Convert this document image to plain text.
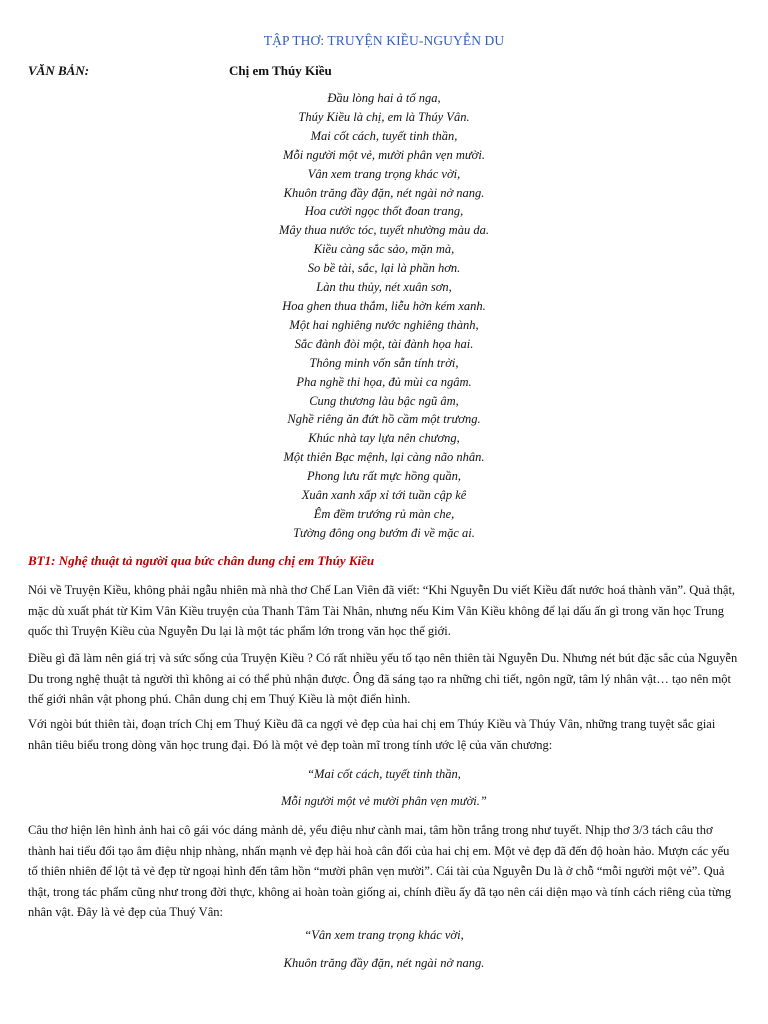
TẬP THƠ: TRUYỆN KIỀU-NGUYỄN DU
VĂN BẢN:	Chị em Thúy Kiều
Đầu lòng hai ả tố nga,
Thúy Kiều là chị, em là Thúy Vân.
Mai cốt cách, tuyết tinh thần,
Mỗi người một vẻ, mười phân vẹn mười.
Vân xem trang trọng khác vời,
Khuôn trăng đầy đặn, nét ngài nở nang.
Hoa cười ngọc thốt đoan trang,
Mây thua nước tóc, tuyết nhường màu da.
Kiều càng sắc sảo, mặn mà,
So bề tài, sắc, lại là phần hơn.
Làn thu thủy, nét xuân sơn,
Hoa ghen thua thắm, liễu hờn kém xanh.
Một hai nghiêng nước nghiêng thành,
Sắc đành đòi một, tài đành họa hai.
Thông minh vốn sẵn tính trời,
Pha nghề thi họa, đủ mùi ca ngâm.
Cung thương làu bậc ngũ âm,
Nghề riêng ăn đứt hồ cầm một trương.
Khúc nhà tay lựa nên chương,
Một thiên Bạc mệnh, lại càng não nhân.
Phong lưu rất mực hồng quần,
Xuân xanh xấp xỉ tới tuần cập kê
Êm đềm trướng rủ màn che,
Tường đông ong bướm đi về mặc ai.
BT1: Nghệ thuật tả người qua bức chân dung chị em Thúy Kiều
Nói về Truyện Kiều, không phải ngẫu nhiên mà nhà thơ Chế Lan Viên đã viết: “Khi Nguyễn Du viết Kiều đất nước hoá thành văn”. Quả thật, mặc dù xuất phát từ Kim Vân Kiều truyện của Thanh Tâm Tài Nhân, nhưng nếu Kim Vân Kiều không để lại dấu ấn gì trong văn học Trung quốc thì Truyện Kiều của Nguyễn Du lại là một tác phẩm lớn trong văn học thế giới.
Điều gì đã làm nên giá trị và sức sống của Truyện Kiều ? Có rất nhiều yếu tố tạo nên thiên tài Nguyễn Du. Nhưng nét bút đặc sắc của Nguyễn Du trong nghệ thuật tả người thì không ai có thể phủ nhận được. Ông đã sáng tạo ra những chi tiết, ngôn ngữ, tâm lý nhân vật… tạo nên một thế giới nhân vật phong phú. Chân dung chị em Thuý Kiều là một điển hình.
Với ngòi bút thiên tài, đoạn trích Chị em Thuý Kiều đã ca ngợi vẻ đẹp của hai chị em Thúy Kiều và Thúy Vân, những trang tuyệt sắc giai nhân tiêu biểu trong dòng văn học trung đại. Đó là một vẻ đẹp toàn mĩ trong tính ước lệ của văn chương:
“Mai cốt cách, tuyết tinh thần,
Mỗi người một vẻ mười phân vẹn mười.”
Câu thơ hiện lên hình ảnh hai cô gái vóc dáng mảnh dẻ, yểu điệu như cành mai, tâm hồn trắng trong như tuyết. Nhịp thơ 3/3 tách câu thơ thành hai tiểu đối tạo âm điệu nhịp nhàng, nhấn mạnh vẻ đẹp hài hoà cân đối của hai chị em. Một vẻ đẹp đã đến độ hoàn hảo. Mượn các yếu tố thiên nhiên để lột tả vẻ đẹp từ ngoại hình đến tâm hồn “mười phân vẹn mười”. Cái tài của Nguyễn Du là ở chỗ “mỗi người một vẻ”. Quả thật, trong tác phẩm cũng như trong đời thực, không ai hoàn toàn giống ai, chính điều ấy đã tạo nên cái diện mạo và tính cách riêng của từng nhân vật. Đây là vẻ đẹp của Thuý Vân:
“Vân xem trang trọng khác vời,
Khuôn trăng đầy đặn, nét ngài nở nang.
